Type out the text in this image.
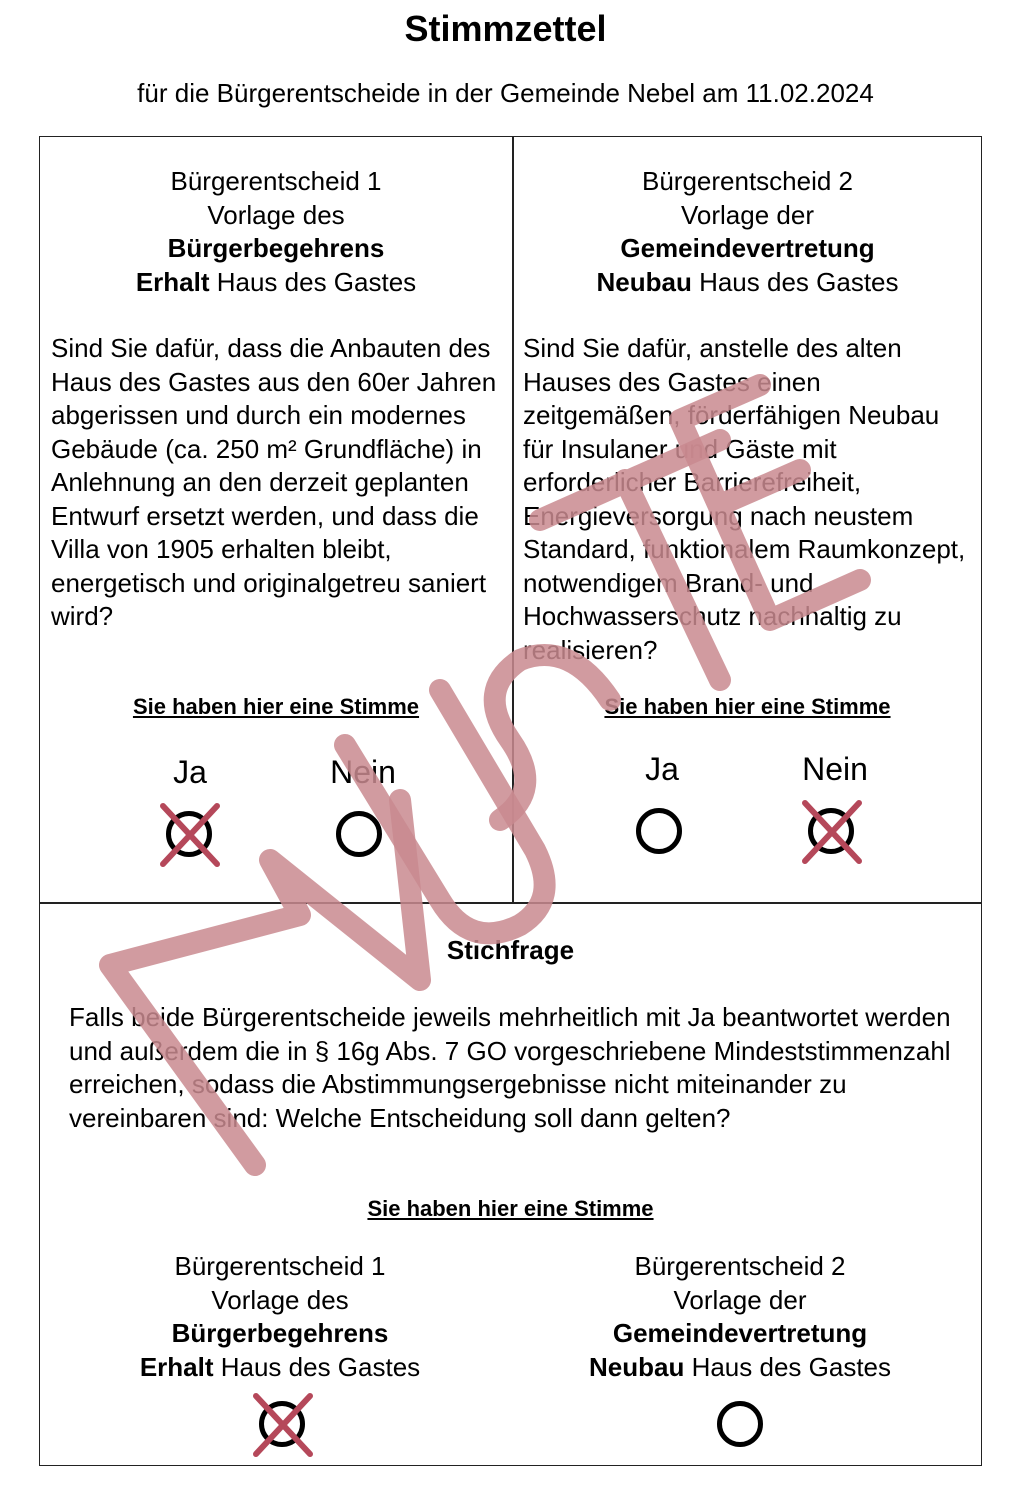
Stimmzettel
für die Bürgerentscheide in der Gemeinde Nebel am 11.02.2024
Bürgerentscheid 1
Vorlage des
Bürgerbegehrens
Erhalt Haus des Gastes
Sind Sie dafür, dass die Anbauten des Haus des Gastes aus den 60er Jahren abgerissen und durch ein modernes Gebäude (ca. 250 m² Grundfläche) in Anlehnung an den derzeit geplanten Entwurf ersetzt werden, und dass die Villa von 1905 erhalten bleibt, energetisch und originalgetreu saniert wird?
Sie haben hier eine Stimme
Ja	Nein
Bürgerentscheid 2
Vorlage der
Gemeindevertretung
Neubau Haus des Gastes
Sind Sie dafür, anstelle des alten Hauses des Gastes einen zeitgemäßen, förderfähigen Neubau für Insulaner und Gäste mit erforderlicher Barrierefreiheit, Energieversorgung nach neustem Standard, funktionalem Raumkonzept, notwendigem Brand- und Hochwasserschutz nachhaltig zu realisieren?
Sie haben hier eine Stimme
Ja	Nein
Stichfrage
Falls beide Bürgerentscheide jeweils mehrheitlich mit Ja beantwortet werden und außerdem die in § 16g Abs. 7 GO vorgeschriebene Mindeststimmenzahl erreichen, sodass die Abstimmungsergebnisse nicht miteinander zu vereinbaren sind: Welche Entscheidung soll dann gelten?
Sie haben hier eine Stimme
Bürgerentscheid 1
Vorlage des
Bürgerbegehrens
Erhalt Haus des Gastes
Bürgerentscheid 2
Vorlage der
Gemeindevertretung
Neubau Haus des Gastes
